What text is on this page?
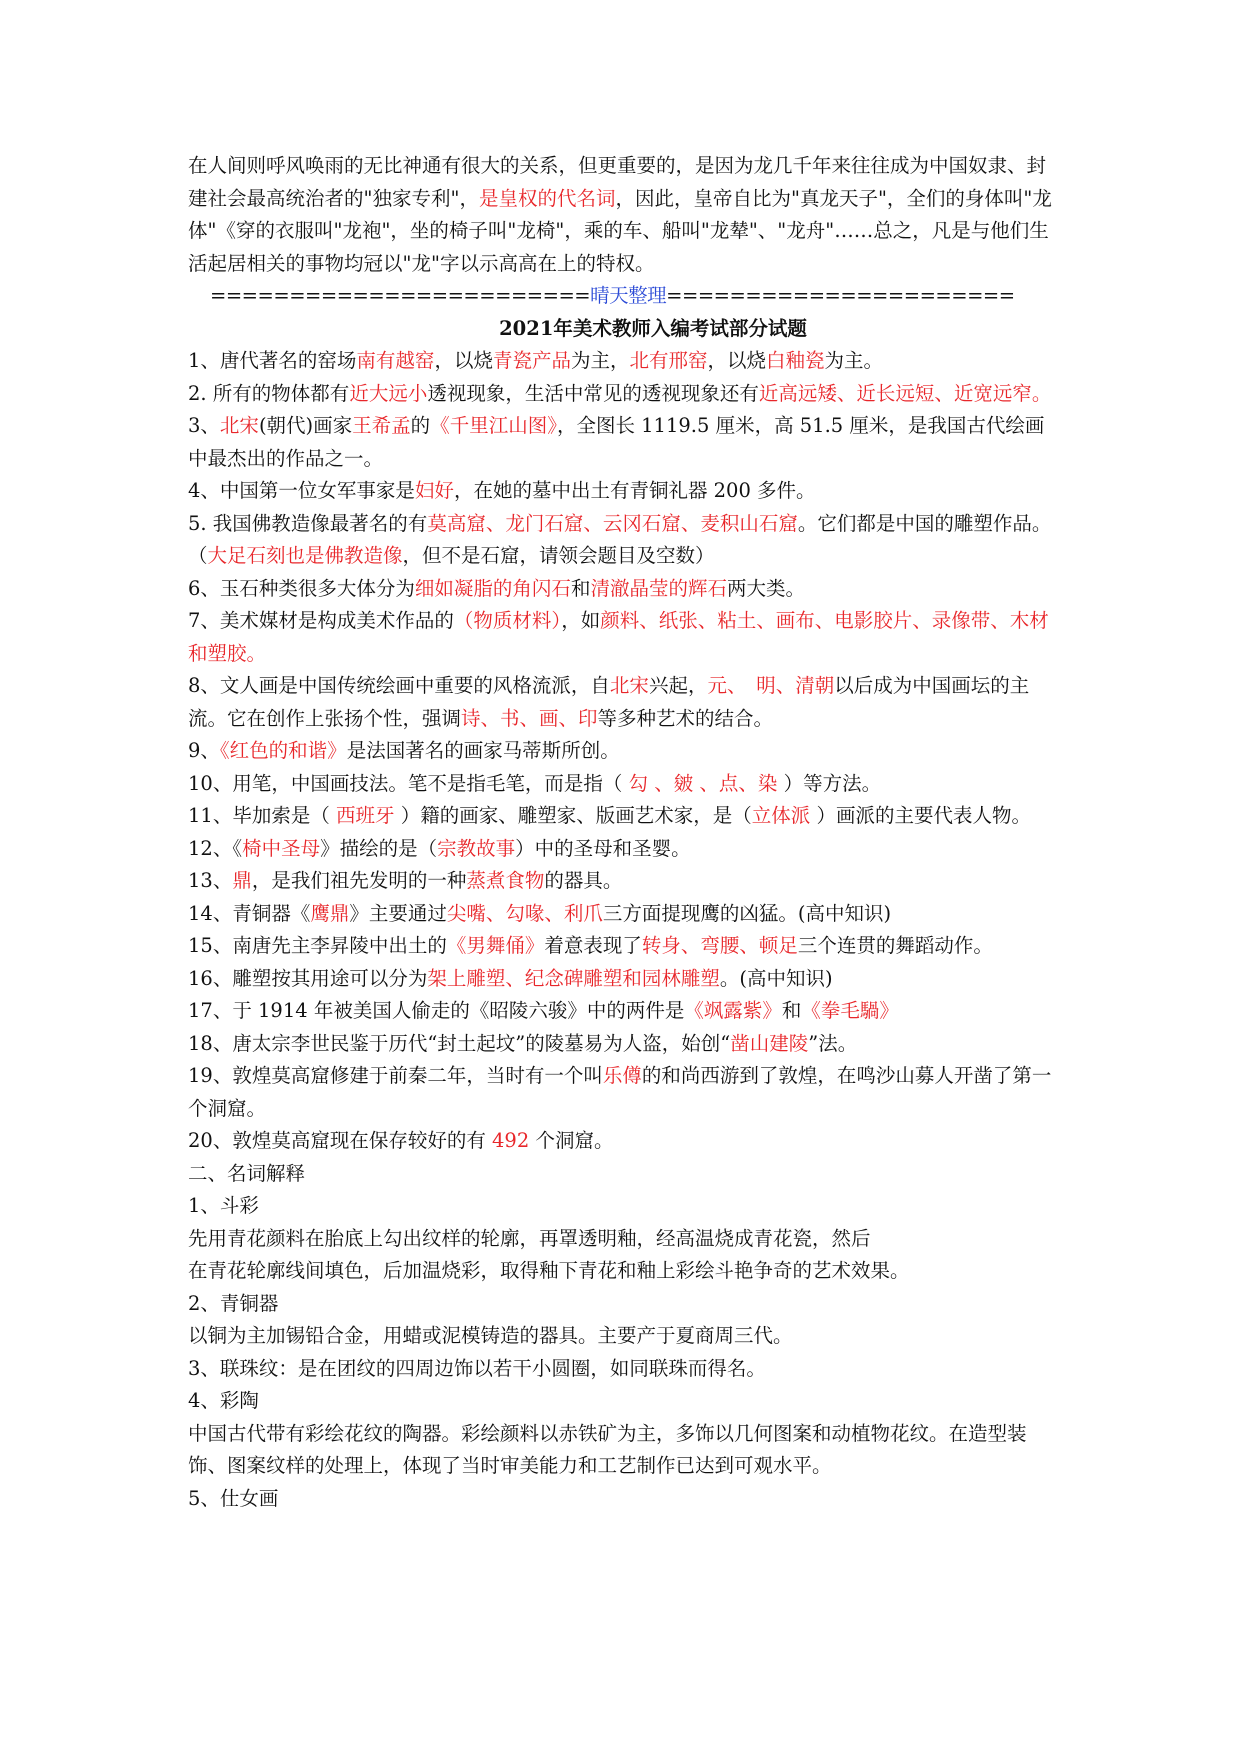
在人间则呼风唤雨的无比神通有很大的关系，但更重要的，是因为龙几千年来往往成为中国奴隶、封建社会最高统治者的"独家专利"，是皇权的代名词，因此，皇帝自比为"真龙天子"，全们的身体叫"龙体"《穿的衣服叫"龙袍"，坐的椅子叫"龙椅"，乘的车、船叫"龙辇"、"龙舟"……总之，凡是与他们生活起居相关的事物均冠以"龙"字以示高高在上的特权。

========================晴天整理======================

2021年美术教师入编考试部分试题

1、唐代著名的窑场南有越窑，以烧青瓷产品为主，北有邢窑，以烧白釉瓷为主。

2. 所有的物体都有近大远小透视现象，生活中常见的透视现象还有近高远矮、近长远短、近宽远窄。

3、北宋(朝代)画家王希孟的《千里江山图》，全图长 1119.5 厘米，高 51.5 厘米，是我国古代绘画中最杰出的作品之一。

4、中国第一位女军事家是妇好，在她的墓中出土有青铜礼器 200 多件。

5. 我国佛教造像最著名的有莫高窟、龙门石窟、云冈石窟、麦积山石窟。它们都是中国的雕塑作品。（大足石刻也是佛教造像，但不是石窟，请领会题目及空数）

6、玉石种类很多大体分为细如凝脂的角闪石和清澈晶莹的辉石两大类。

7、美术媒材是构成美术作品的（物质材料），如颜料、纸张、粘土、画布、电影胶片、录像带、木材和塑胶。

8、文人画是中国传统绘画中重要的风格流派，自北宋兴起，元、　明、清朝以后成为中国画坛的主流。它在创作上张扬个性，强调诗、书、画、印等多种艺术的结合。

9、《红色的和谐》是法国著名的画家马蒂斯所创。

10、用笔，中国画技法。笔不是指毛笔，而是指（ 勾 、皴 、点、染 ）等方法。

11、毕加索是（ 西班牙 ）籍的画家、雕塑家、版画艺术家，是（立体派 ）画派的主要代表人物。

12、《椅中圣母》描绘的是（宗教故事）中的圣母和圣婴。

13、鼎，是我们祖先发明的一种蒸煮食物的器具。

14、青铜器《鹰鼎》主要通过尖嘴、勾喙、利爪三方面提现鹰的凶猛。(高中知识)

15、南唐先主李昇陵中出土的《男舞俑》着意表现了转身、弯腰、顿足三个连贯的舞蹈动作。

16、雕塑按其用途可以分为架上雕塑、纪念碑雕塑和园林雕塑。(高中知识)

17、于 1914 年被美国人偷走的《昭陵六骏》中的两件是《飒露紫》和《拳毛騧》

18、唐太宗李世民鉴于历代“封土起坟”的陵墓易为人盗，始创“凿山建陵”法。

19、敦煌莫高窟修建于前秦二年，当时有一个叫乐僔的和尚西游到了敦煌，在鸣沙山募人开凿了第一个洞窟。

20、敦煌莫高窟现在保存较好的有 492 个洞窟。

二、名词解释

1、斗彩

先用青花颜料在胎底上勾出纹样的轮廓，再罩透明釉，经高温烧成青花瓷，然后

在青花轮廓线间填色，后加温烧彩，取得釉下青花和釉上彩绘斗艳争奇的艺术效果。

2、青铜器

以铜为主加锡铅合金，用蜡或泥模铸造的器具。主要产于夏商周三代。

3、联珠纹：是在团纹的四周边饰以若干小圆圈，如同联珠而得名。

4、彩陶

中国古代带有彩绘花纹的陶器。彩绘颜料以赤铁矿为主，多饰以几何图案和动植物花纹。在造型装饰、图案纹样的处理上，体现了当时审美能力和工艺制作已达到可观水平。

5、仕女画
